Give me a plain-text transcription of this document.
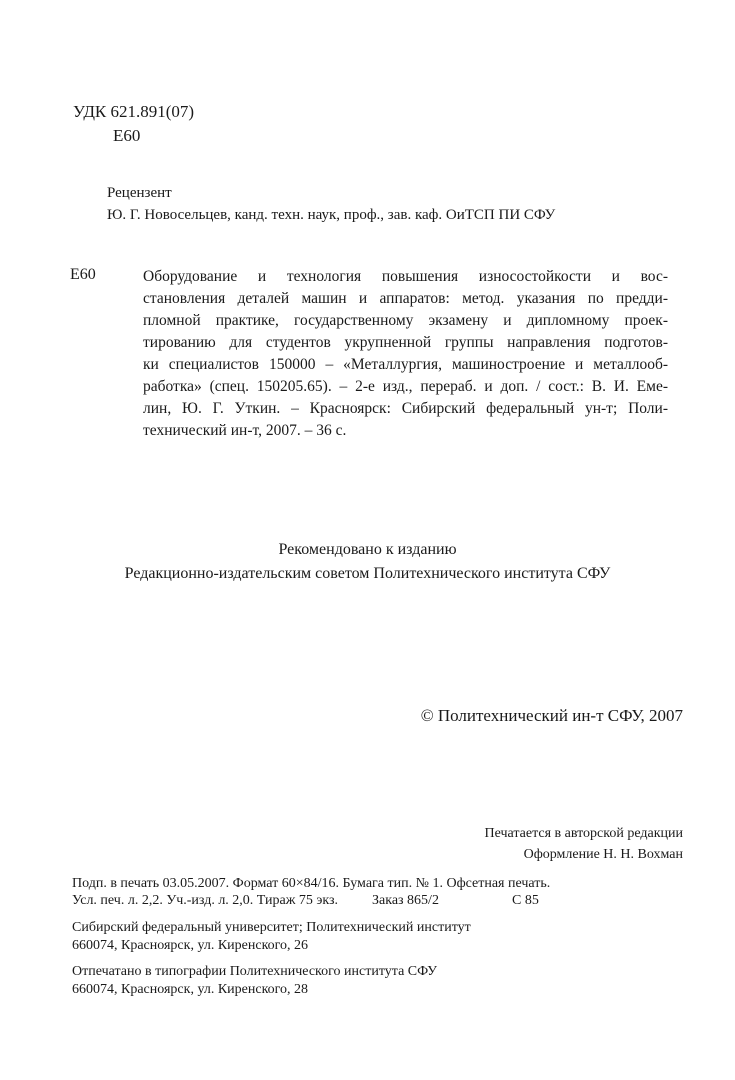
УДК 621.891(07)
Е60
Рецензент
Ю. Г. Новосельцев, канд. техн. наук, проф., зав. каф. ОиТСП ПИ СФУ
Е60	Оборудование и технология повышения износостойкости и вос-
становления деталей машин и аппаратов: метод. указания по предди-
пломной практике, государственному экзамену и дипломному проек-
тированию для студентов укрупненной группы направления подготов-
ки специалистов 150000 – «Металлургия, машиностроение и металлооб-
работка» (спец. 150205.65). – 2-е изд., перераб. и доп. / сост.: В. И. Еме-
лин, Ю. Г. Уткин. – Красноярск: Сибирский федеральный ун-т; Поли-
технический ин-т, 2007. – 36 с.
Рекомендовано к изданию
Редакционно-издательским советом Политехнического института СФУ
© Политехнический ин-т СФУ, 2007
Печатается в авторской редакции
Оформление Н. Н. Вохман
Подп. в печать 03.05.2007. Формат 60×84/16. Бумага тип. № 1. Офсетная печать.
Усл. печ. л. 2,2. Уч.-изд. л. 2,0. Тираж 75 экз. Заказ 865/2	С 85
Сибирский федеральный университет; Политехнический институт
660074, Красноярск, ул. Киренского, 26
Отпечатано в типографии Политехнического института СФУ
660074, Красноярск, ул. Киренского, 28
